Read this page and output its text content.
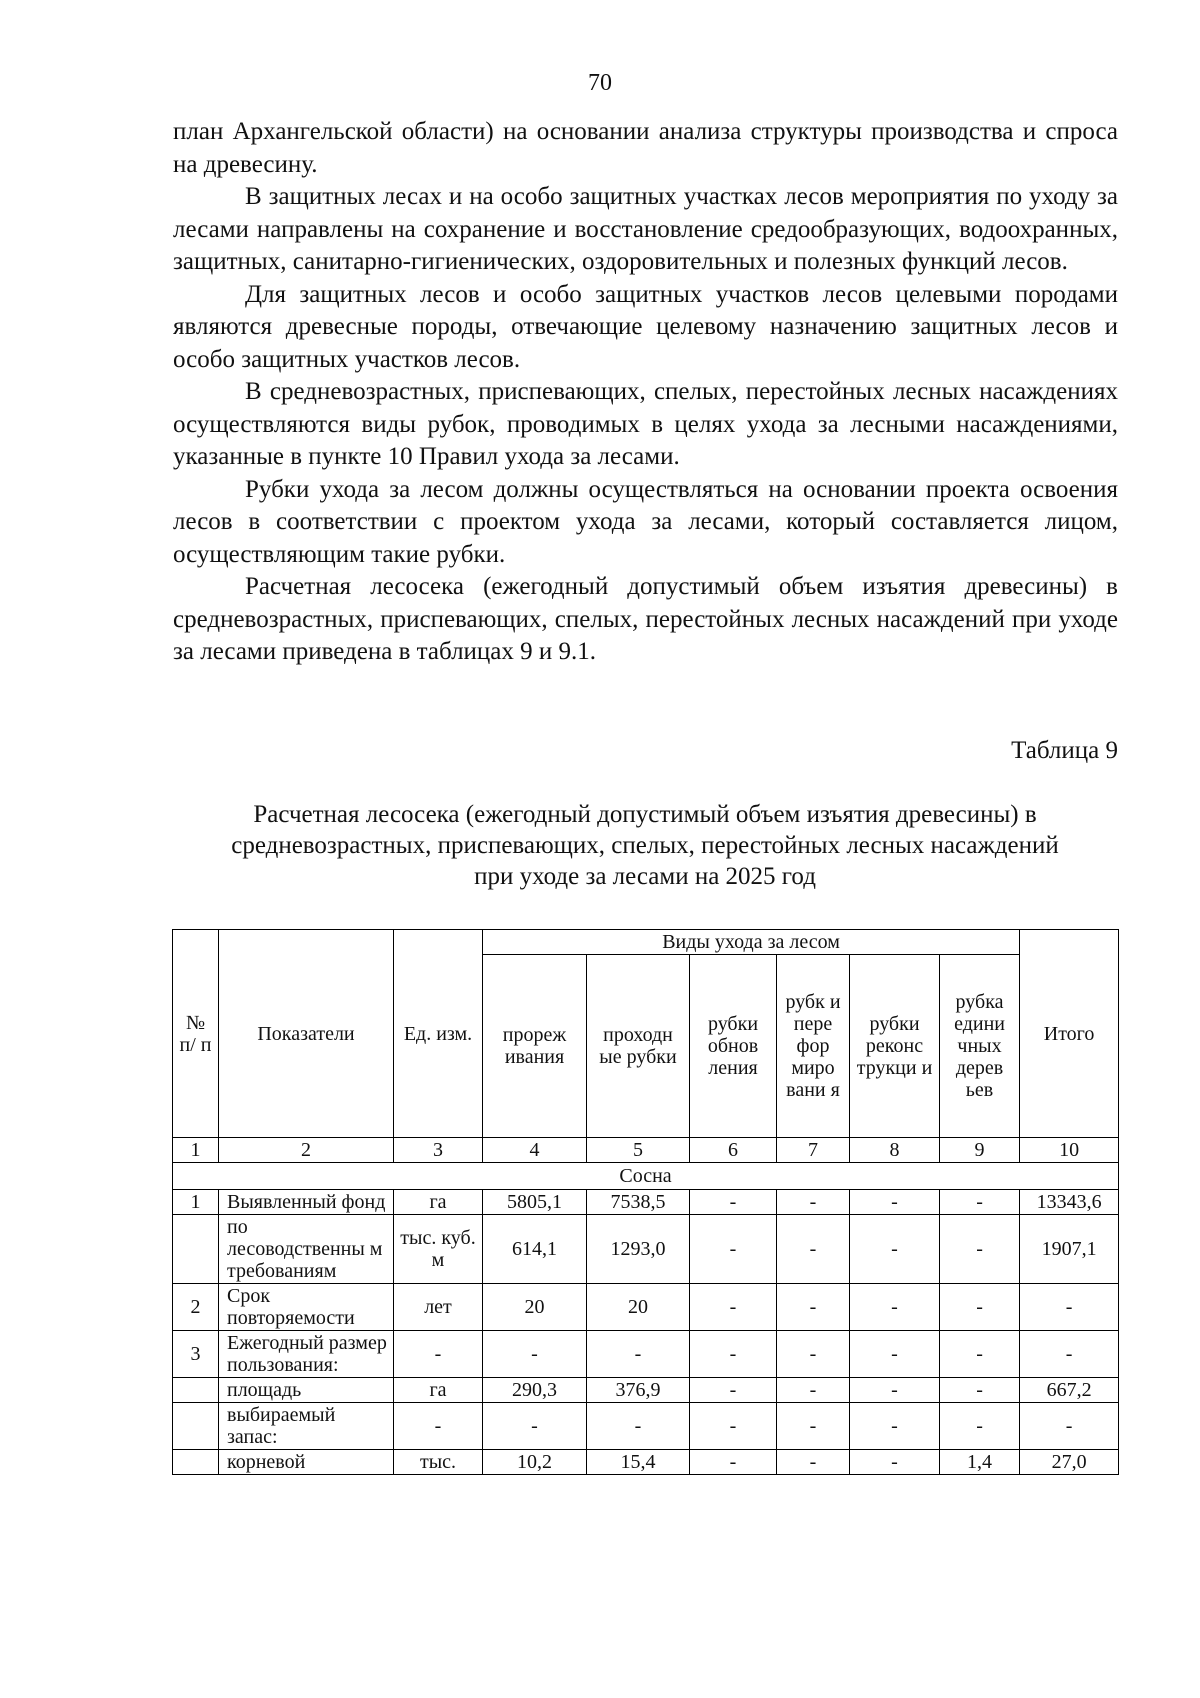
70

план Архангельской области) на основании анализа структуры производства и спроса на древесину.

В защитных лесах и на особо защитных участках лесов мероприятия по уходу за лесами направлены на сохранение и восстановление средообразующих, водоохранных, защитных, санитарно-гигиенических, оздоровительных и полезных функций лесов.

Для защитных лесов и особо защитных участков лесов целевыми породами являются древесные породы, отвечающие целевому назначению защитных лесов и особо защитных участков лесов.

В средневозрастных, приспевающих, спелых, перестойных лесных насаждениях осуществляются виды рубок, проводимых в целях ухода за лесными насаждениями, указанные в пункте 10 Правил ухода за лесами.

Рубки ухода за лесом должны осуществляться на основании проекта освоения лесов в соответствии с проектом ухода за лесами, который составляется лицом, осуществляющим такие рубки.

Расчетная лесосека (ежегодный допустимый объем изъятия древесины) в средневозрастных, приспевающих, спелых, перестойных лесных насаждений при уходе за лесами приведена в таблицах 9 и 9.1.

Таблица 9
Расчетная лесосека (ежегодный допустимый объем изъятия древесины) в
средневозрастных, приспевающих, спелых, перестойных лесных насаждений
при уходе за лесами на 2025 год
№ п/ п	Показатели	Ед. изм.	Виды ухода за лесом						Итого
			прореж ивания	проходн ые рубки	рубки обнов ления	рубк и пере фор миро вани я	рубки реконс трукци и	рубка едини чных дерев ьев	
1	2	3	4	5	6	7	8	9	10
Сосна									
1	Выявленный фонд	га	5805,1	7538,5	-	-	-	-	13343,6
	по лесоводственны м требованиям	тыс. куб. м	614,1	1293,0	-	-	-	-	1907,1
2	Срок повторяемости	лет	20	20	-	-	-	-	-
3	Ежегодный размер пользования:	-	-	-	-	-	-	-	-
	площадь	га	290,3	376,9	-	-	-	-	667,2
	выбираемый запас:	-	-	-	-	-	-	-	-
	корневой	тыс.	10,2	15,4	-	-	-	1,4	27,0
